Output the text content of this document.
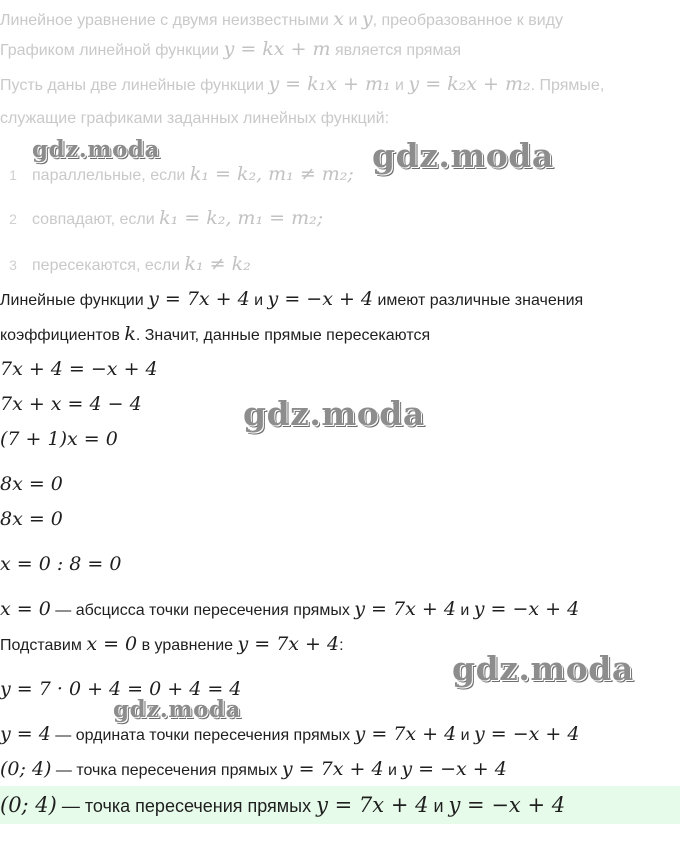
Линейное уравнение с двумя неизвестными x и y, преобразованное к виду
Графиком линейной функции y = kx + m является прямая
Пусть даны две линейные функции y = k₁x + m₁ и y = k₂x + m₂. Прямые,
служащие графиками заданных линейных функций:
1 параллельные, если k₁ = k₂, m₁ ≠ m₂;
2 совпадают, если k₁ = k₂, m₁ = m₂;
3 пересекаются, если k₁ ≠ k₂
Линейные функции y = 7x + 4 и y = −x + 4 имеют различные значения
коэффициентов k. Значит, данные прямые пересекаются
7x + 4 = −x + 4
7x + x = 4 − 4
(7 + 1)x = 0
8x = 0
8x = 0
x = 0 : 8 = 0
x = 0 — абсцисса точки пересечения прямых y = 7x + 4 и y = −x + 4
Подставим x = 0 в уравнение y = 7x + 4:
y = 7 · 0 + 4 = 0 + 4 = 4
y = 4 — ордината точки пересечения прямых y = 7x + 4 и y = −x + 4
(0; 4) — точка пересечения прямых y = 7x + 4 и y = −x + 4
(0; 4) — точка пересечения прямых y = 7x + 4 и y = −x + 4
gdz.moda	gdz.moda
gdz.moda
gdz.moda
gdz.moda
